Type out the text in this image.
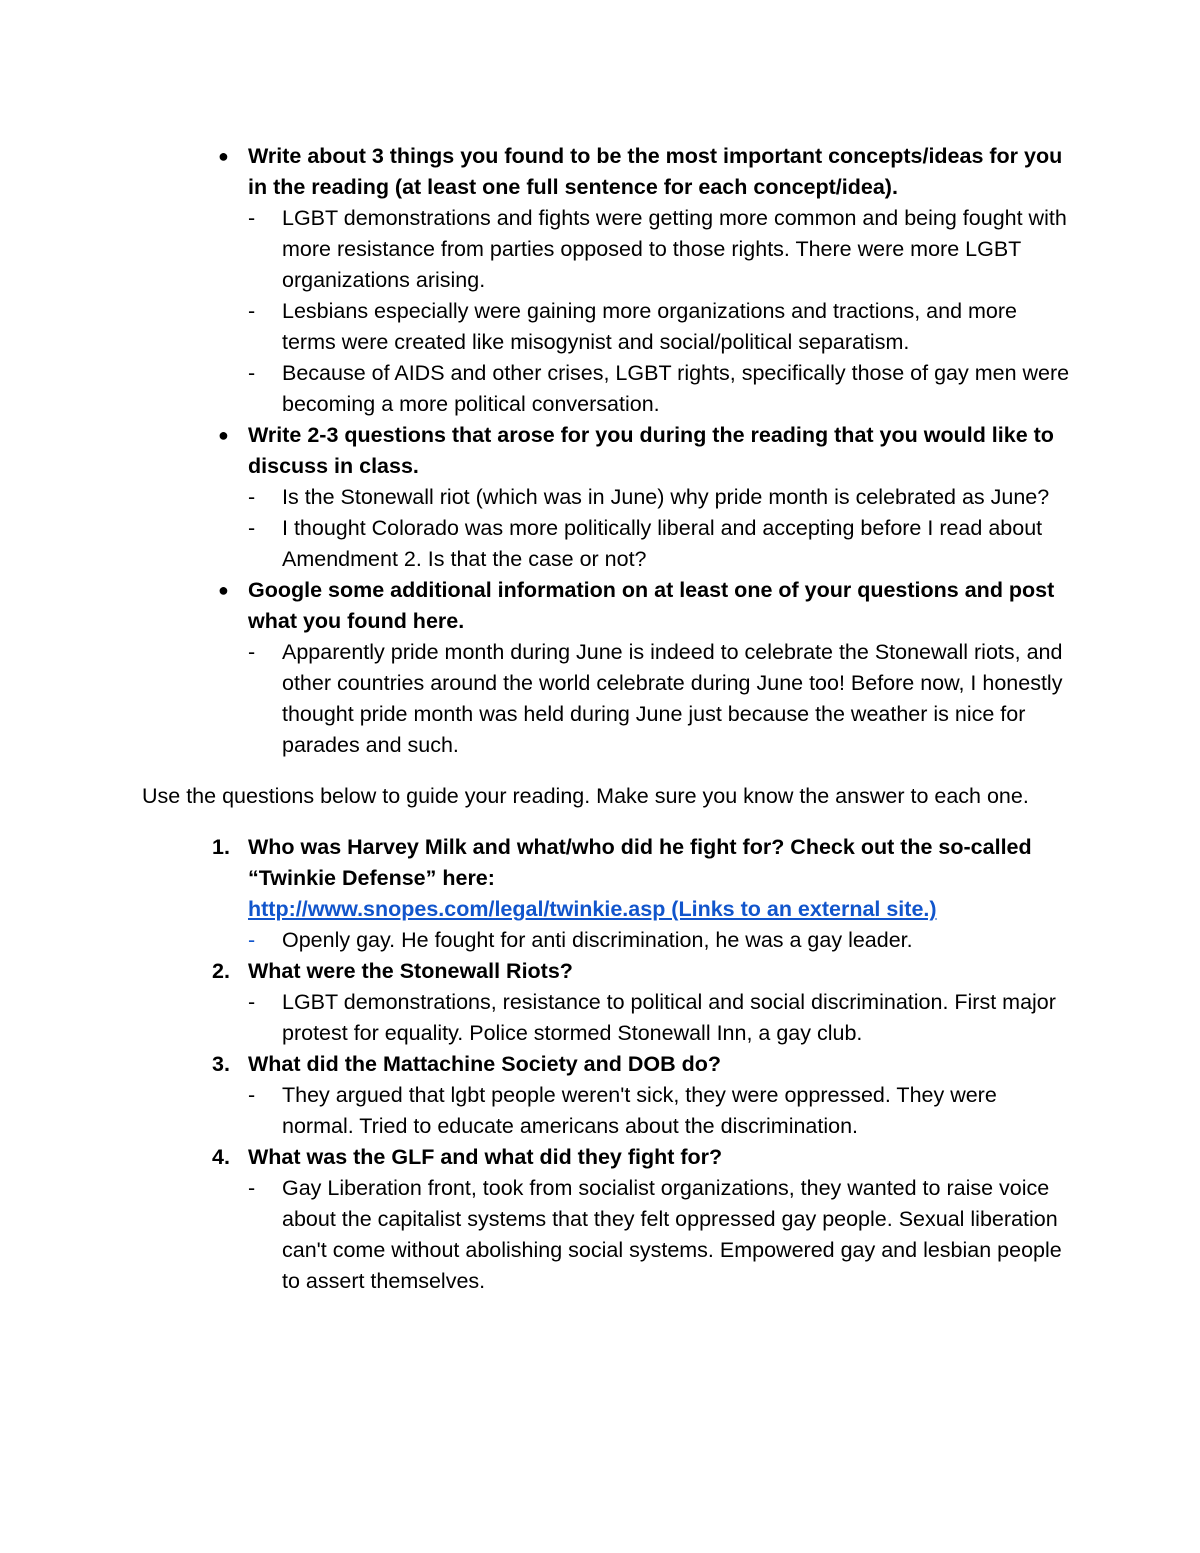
● Write about 3 things you found to be the most important concepts/ideas for you in the reading (at least one full sentence for each concept/idea).
-	LGBT demonstrations and fights were getting more common and being fought with more resistance from parties opposed to those rights. There were more LGBT organizations arising.
-	Lesbians especially were gaining more organizations and tractions, and more terms were created like misogynist and social/political separatism.
-	Because of AIDS and other crises, LGBT rights, specifically those of gay men were becoming a more political conversation.
● Write 2-3 questions that arose for you during the reading that you would like to discuss in class.
-	Is the Stonewall riot (which was in June) why pride month is celebrated as June?
-	I thought Colorado was more politically liberal and accepting before I read about Amendment 2. Is that the case or not?
● Google some additional information on at least one of your questions and post what you found here.
-	Apparently pride month during June is indeed to celebrate the Stonewall riots, and other countries around the world celebrate during June too! Before now, I honestly thought pride month was held during June just because the weather is nice for parades and such.

Use the questions below to guide your reading. Make sure you know the answer to each one.

1. Who was Harvey Milk and what/who did he fight for? Check out the so-called “Twinkie Defense” here:
http://www.snopes.com/legal/twinkie.asp (Links to an external site.)
-	Openly gay. He fought for anti discrimination, he was a gay leader.
2. What were the Stonewall Riots?
-	LGBT demonstrations, resistance to political and social discrimination. First major protest for equality. Police stormed Stonewall Inn, a gay club.
3. What did the Mattachine Society and DOB do?
-	They argued that lgbt people weren't sick, they were oppressed. They were normal. Tried to educate americans about the discrimination.
4. What was the GLF and what did they fight for?
-	Gay Liberation front, took from socialist organizations, they wanted to raise voice about the capitalist systems that they felt oppressed gay people. Sexual liberation can't come without abolishing social systems. Empowered gay and lesbian people to assert themselves.
